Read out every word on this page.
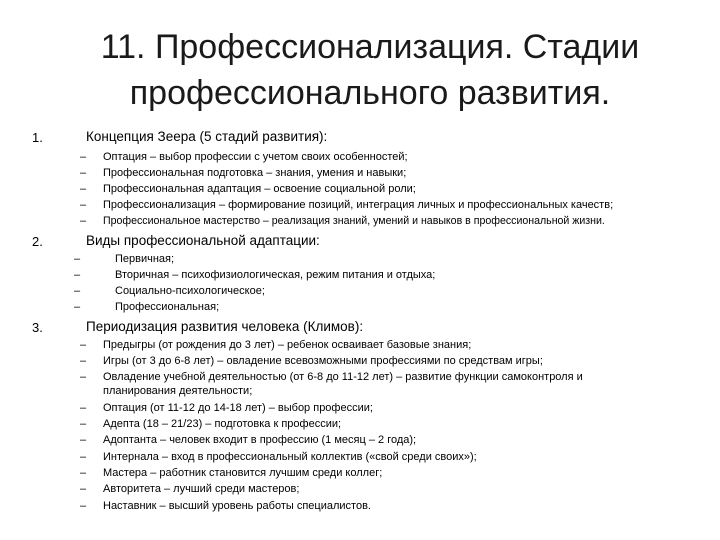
11. Профессионализация. Стадии
профессионального развития.
1.	Концепция Зеера (5 стадий развития):
– Оптация – выбор профессии с учетом своих особенностей;
– Профессиональная подготовка – знания, умения и навыки;
– Профессиональная адаптация – освоение социальной роли;
– Профессионализация – формирование позиций, интеграция личных и профессиональных качеств;
– Профессиональное мастерство – реализация знаний, умений и навыков в профессиональной жизни.
2.	Виды профессиональной адаптации:
–	Первичная;
–	Вторичная – психофизиологическая, режим питания и отдыха;
–	Социально-психологическое;
–	Профессиональная;
3.	Периодизация развития человека (Климов):
– Предыгры (от рождения до 3 лет) – ребенок осваивает базовые знания;
– Игры (от 3 до 6-8 лет) – овладение всевозможными профессиями по средствам игры;
– Овладение учебной деятельностью (от 6-8 до 11-12 лет) – развитие функции самоконтроля и
планирования деятельности;
– Оптация (от 11-12 до 14-18 лет) – выбор профессии;
– Адепта (18 – 21/23) – подготовка к профессии;
– Адоптанта – человек входит в профессию (1 месяц – 2 года);
– Интернала – вход в профессиональный коллектив («свой среди своих»);
– Мастера – работник становится лучшим среди коллег;
– Авторитета – лучший среди мастеров;
– Наставник – высший уровень работы специалистов.
